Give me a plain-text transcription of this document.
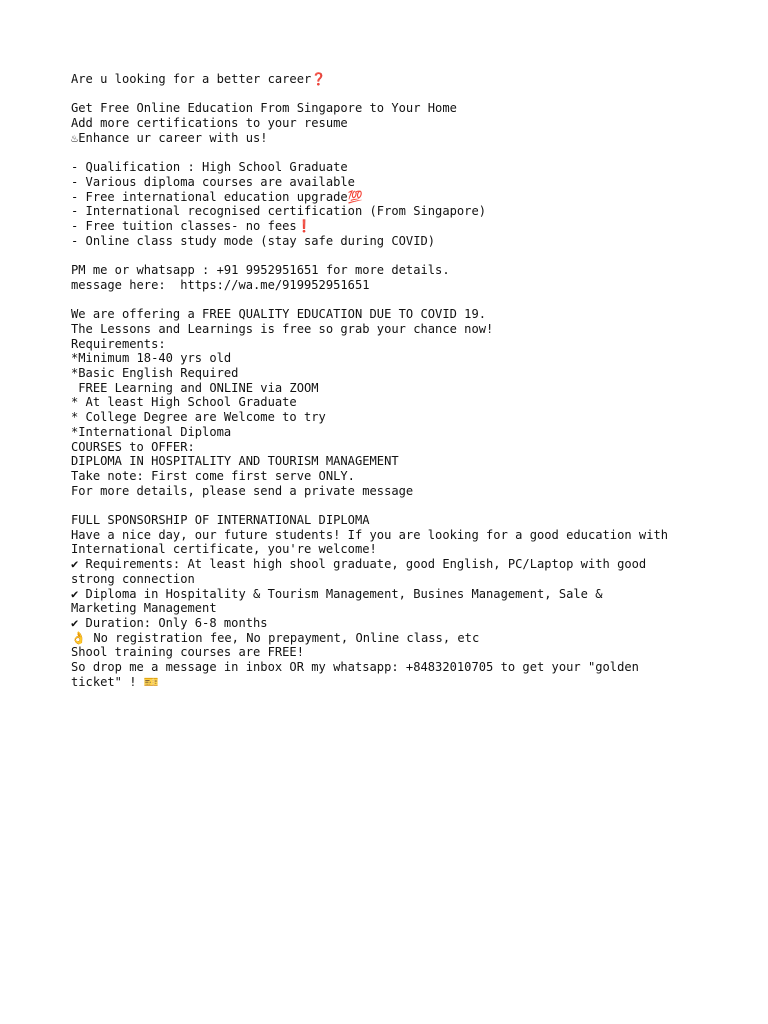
Are u looking for a better career❓
Get Free Online Education From Singapore to Your Home
Add more certifications to your resume
♨Enhance ur career with us!
- Qualification : High School Graduate
- Various diploma courses are available
- Free international education upgrade💯
- International recognised certification (From Singapore)
- Free tuition classes- no fees❗
- Online class study mode (stay safe during COVID)
PM me or whatsapp : +91 9952951651 for more details.
message here:  https://wa.me/919952951651
We are offering a FREE QUALITY EDUCATION DUE TO COVID 19.
The Lessons and Learnings is free so grab your chance now!
Requirements:
*Minimum 18-40 yrs old
*Basic English Required
FREE Learning and ONLINE via ZOOM
* At least High School Graduate
* College Degree are Welcome to try
*International Diploma
COURSES to OFFER:
DIPLOMA IN HOSPITALITY AND TOURISM MANAGEMENT
Take note: First come first serve ONLY.
For more details, please send a private message
FULL SPONSORSHIP OF INTERNATIONAL DIPLOMA
Have a nice day, our future students! If you are looking for a good education with
International certificate, you're welcome!
✔ Requirements: At least high shool graduate, good English, PC/Laptop with good
strong connection
✔ Diploma in Hospitality & Tourism Management, Busines Management, Sale &
Marketing Management
✔ Duration: Only 6-8 months
👌 No registration fee, No prepayment, Online class, etc
Shool training courses are FREE!
So drop me a message in inbox OR my whatsapp: +84832010705 to get your "golden
ticket" ! 🎫
